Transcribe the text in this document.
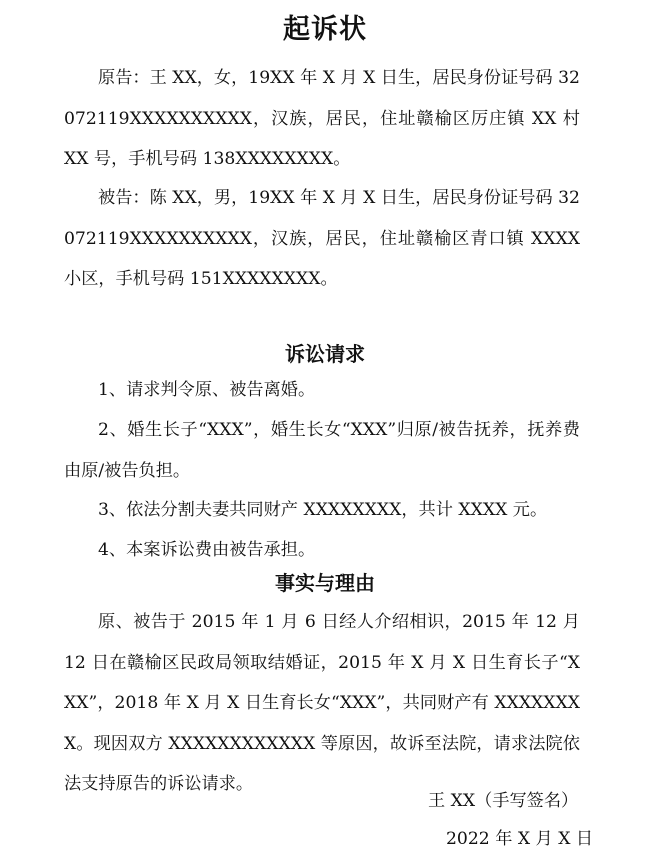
起诉状

原告：王 XX，女，19XX 年 X 月 X 日生，居民身份证号码 32072119XXXXXXXXXX，汉族，居民，住址赣榆区厉庄镇 XX 村 XX 号，手机号码 138XXXXXXXX。

被告：陈 XX，男，19XX 年 X 月 X 日生，居民身份证号码 32072119XXXXXXXXXX，汉族，居民，住址赣榆区青口镇 XXXX 小区，手机号码 151XXXXXXXX。

诉讼请求

1、请求判令原、被告离婚。

2、婚生长子“XXX”，婚生长女“XXX”归原/被告抚养，抚养费由原/被告负担。

3、依法分割夫妻共同财产 XXXXXXXX，共计 XXXX 元。

4、本案诉讼费由被告承担。

事实与理由

原、被告于 2015 年 1 月 6 日经人介绍相识，2015 年 12 月 12 日在赣榆区民政局领取结婚证，2015 年 X 月 X 日生育长子“XXX”，2018 年 X 月 X 日生育长女“XXX”，共同财产有 XXXXXXXX。现因双方 XXXXXXXXXXXX 等原因，故诉至法院，请求法院依法支持原告的诉讼请求。

王 XX（手写签名）

2022 年 X 月 X 日
